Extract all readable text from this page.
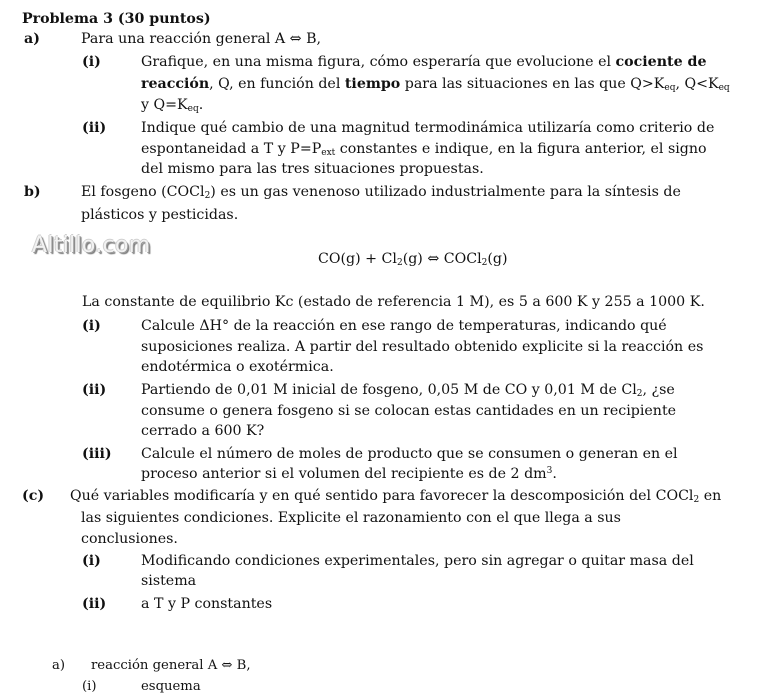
Problema 3 (30 puntos)
a)	Para una reacción general A ⇔ B,
(i)	Grafique, en una misma figura, cómo esperaría que evolucione el cociente de
reacción, Q, en función del tiempo para las situaciones en las que $Q>K_{eq}$, $Q<K_{eq}$
y $Q=K_{eq}$.
(ii) Indique qué cambio de una magnitud termodinámica utilizaría como criterio de
espontaneidad a T y $P=P_{ext}$ constantes e indique, en la figura anterior, el signo
del mismo para las tres situaciones propuestas.
b)	El fosgeno (COCl$_2$) es un gas venenoso utilizado industrialmente para la síntesis de
plásticos y pesticidas.
Altillo.com
$CO(g) + Cl_2(g)$ ⇔ COCl$_2$(g)
La constante de equilibrio Kc (estado de referencia 1 M), es 5 a 600 K y 255 a 1000 K.
(i)	Calcule ΔH° de la reacción en ese rango de temperaturas, indicando qué
suposiciones realiza. A partir del resultado obtenido explicite si la reacción es
endotérmica o exotérmica.
(ii) Partiendo de 0,01 M inicial de fosgeno, 0,05 M de CO y 0,01 M de $Cl_2$, ¿se
consume o genera fosgeno si se colocan estas cantidades en un recipiente
cerrado a 600 K?
(iii) Calcule el número de moles de producto que se consumen o generan en el
proceso anterior si el volumen del recipiente es de 2 $dm^3$.
(c) Qué variables modificaría y en qué sentido para favorecer la descomposición del COCl$_2$ en
las siguientes condiciones. Explicite el razonamiento con el que llega a sus
conclusiones.
(i)	Modificando condiciones experimentales, pero sin agregar o quitar masa del
sistema
(ii) a T y P constantes
a) reacción general A ⇔ B,
(i)	esquema
